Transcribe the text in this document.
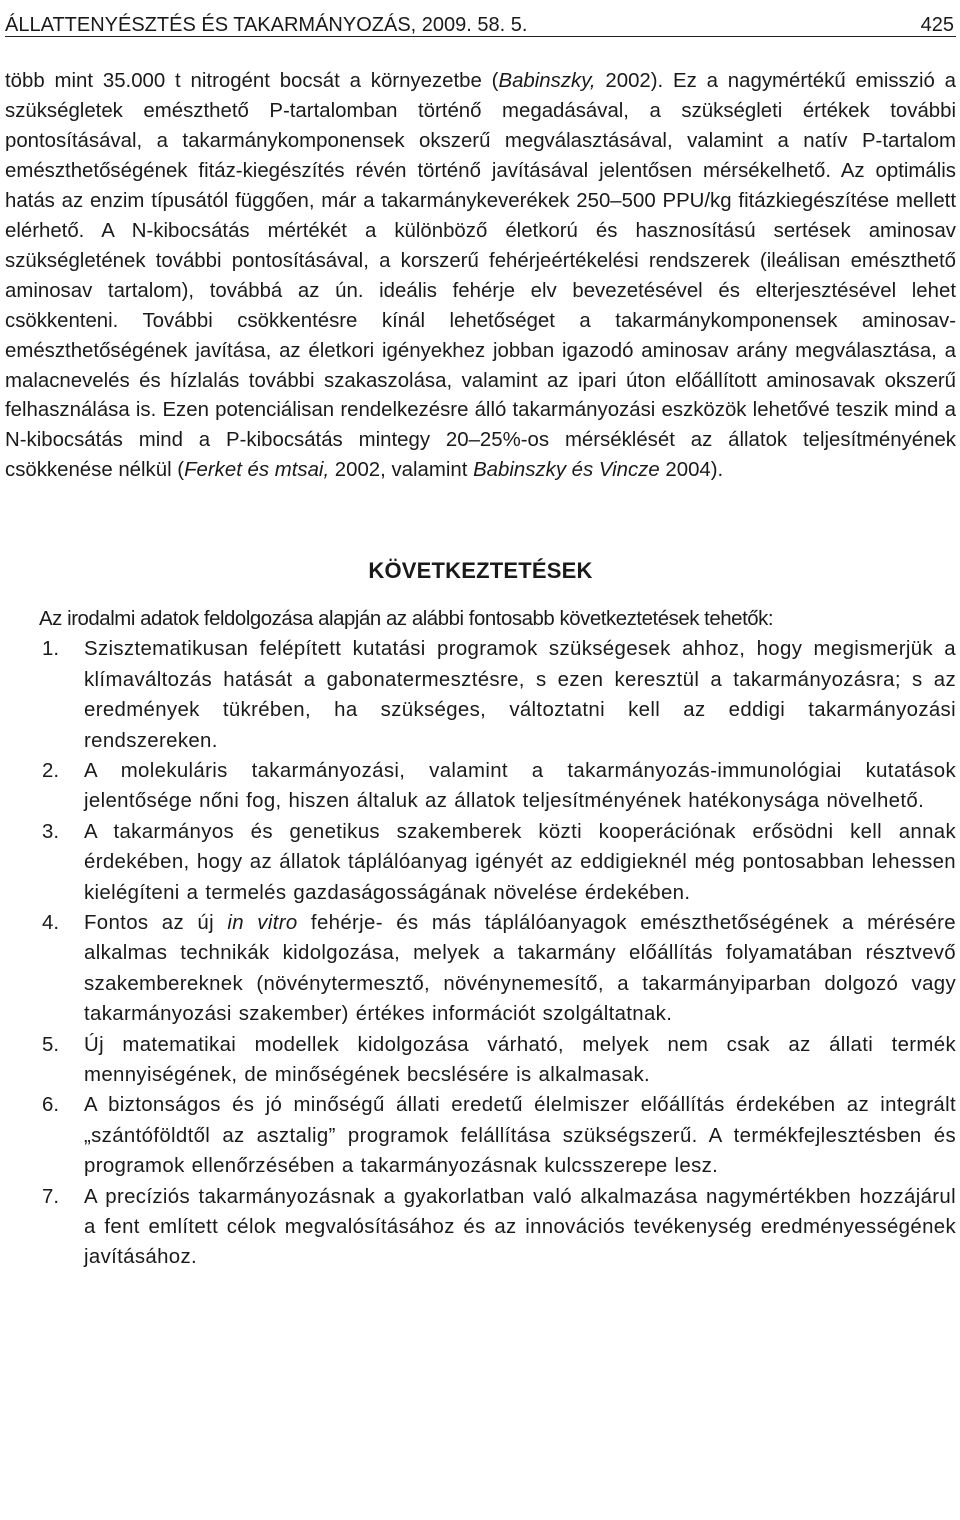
ÁLLATTENYÉSZTÉS ÉS TAKARMÁNYOZÁS, 2009. 58. 5.	425

több mint 35.000 t nitrogént bocsát a környezetbe (Babinszky, 2002). Ez a nagymértékű emisszió a szükségletek emészthető P-tartalomban történő megadásával, a szükségleti értékek további pontosításával, a takarmánykomponensek okszerű megválasztásával, valamint a natív P-tartalom emészthetőségének fitáz-kiegészítés révén történő javításával jelentősen mérsékelhető. Az optimális hatás az enzim típusától függően, már a takarmánykeverékek 250–500 PPU/kg fitázkiegészítése mellett elérhető. A N-kibocsátás mértékét a különböző életkorú és hasznosítású sertések aminosav szükségletének további pontosításával, a korszerű fehérjeértékelési rendszerek (ileálisan emészthető aminosav tartalom), továbbá az ún. ideális fehérje elv bevezetésével és elterjesztésével lehet csökkenteni. További csökkentésre kínál lehetőséget a takarmánykomponensek aminosav-emészthetőségének javítása, az életkori igényekhez jobban igazodó aminosav arány megválasztása, a malacnevelés és hízlalás további szakaszolása, valamint az ipari úton előállított aminosavak okszerű felhasználása is. Ezen potenciálisan rendelkezésre álló takarmányozási eszközök lehetővé teszik mind a N-kibocsátás mind a P-kibocsátás mintegy 20–25%-os mérséklését az állatok teljesítményének csökkenése nélkül (Ferket és mtsai, 2002, valamint Babinszky és Vincze 2004).

KÖVETKEZTETÉSEK
Az irodalmi adatok feldolgozása alapján az alábbi fontosabb következtetések tehetők:
1.	Szisztematikusan felépített kutatási programok szükségesek ahhoz, hogy megismerjük a klímaváltozás hatását a gabonatermesztésre, s ezen keresztül a takarmányozásra; s az eredmények tükrében, ha szükséges, változtatni kell az eddigi takarmányozási rendszereken.
2.	A molekuláris takarmányozási, valamint a takarmányozás-immunológiai kutatások jelentősége nőni fog, hiszen általuk az állatok teljesítményének hatékonysága növelhető.
3.	A takarmányos és genetikus szakemberek közti kooperációnak erősödni kell annak érdekében, hogy az állatok táplálóanyag igényét az eddigieknél még pontosabban lehessen kielégíteni a termelés gazdaságosságának növelése érdekében.
4.	Fontos az új in vitro fehérje- és más táplálóanyagok emészthetőségének a mérésére alkalmas technikák kidolgozása, melyek a takarmány előállítás folyamatában résztvevő szakembereknek (növénytermesztő, növénynemesítő, a takarmányiparban dolgozó vagy takarmányozási szakember) értékes információt szolgáltatnak.
5.	Új matematikai modellek kidolgozása várható, melyek nem csak az állati termék mennyiségének, de minőségének becslésére is alkalmasak.
6.	A biztonságos és jó minőségű állati eredetű élelmiszer előállítás érdekében az integrált „szántóföldtől az asztalig” programok felállítása szükségszerű. A termékfejlesztésben és programok ellenőrzésében a takarmányozásnak kulcsszerepe lesz.
7.	A precíziós takarmányozásnak a gyakorlatban való alkalmazása nagymértékben hozzájárul a fent említett célok megvalósításához és az innovációs tevékenység eredményességének javításához.
